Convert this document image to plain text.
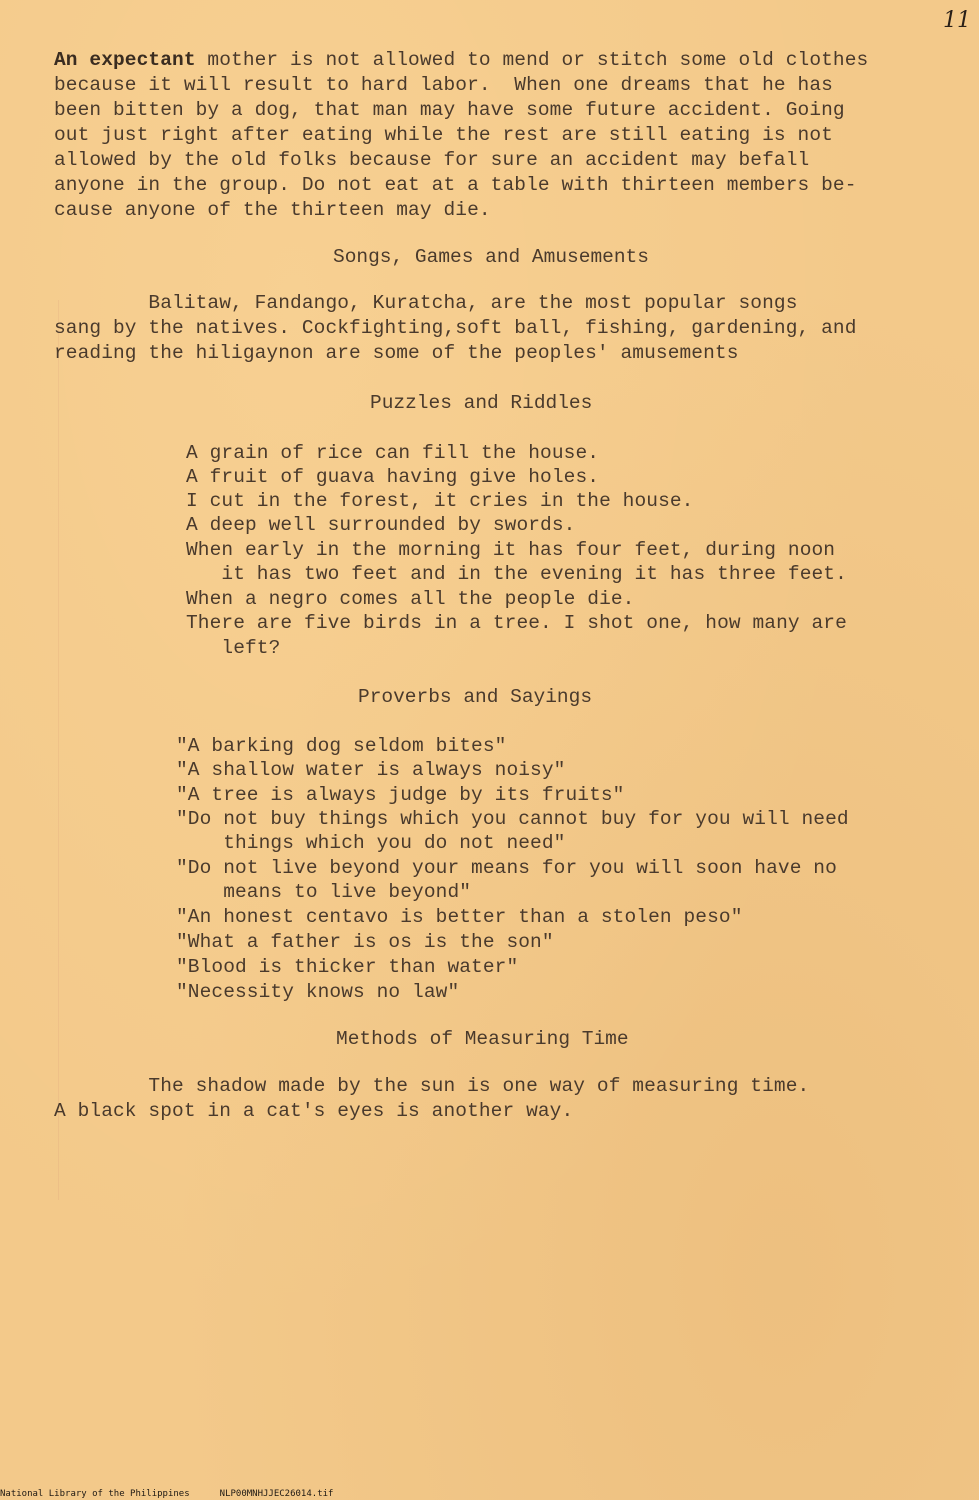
11
An expectant mother is not allowed to mend or stitch some old clothes
because it will result to hard labor.  When one dreams that he has
been bitten by a dog, that man may have some future accident. Going
out just right after eating while the rest are still eating is not
allowed by the old folks because for sure an accident may befall
anyone in the group. Do not eat at a table with thirteen members be-
cause anyone of the thirteen may die.
Songs, Games and Amusements
Balitaw, Fandango, Kuratcha, are the most popular songs
sang by the natives. Cockfighting,soft ball, fishing, gardening, and
reading the hiligaynon are some of the peoples' amusements
Puzzles and Riddles
A grain of rice can fill the house.
A fruit of guava having give holes.
I cut in the forest, it cries in the house.
A deep well surrounded by swords.
When early in the morning it has four feet, during noon
it has two feet and in the evening it has three feet.
When a negro comes all the people die.
There are five birds in a tree. I shot one, how many are
left?
Proverbs and Sayings
"A barking dog seldom bites"
"A shallow water is always noisy"
"A tree is always judge by its fruits"
"Do not buy things which you cannot buy for you will need
things which you do not need"
"Do not live beyond your means for you will soon have no
means to live beyond"
"An honest centavo is better than a stolen peso"
"What a father is os is the son"
"Blood is thicker than water"
"Necessity knows no law"
Methods of Measuring Time
The shadow made by the sun is one way of measuring time.
A black spot in a cat's eyes is another way.
National Library of the Philippines	NLP00MNHJJEC26014.tif
